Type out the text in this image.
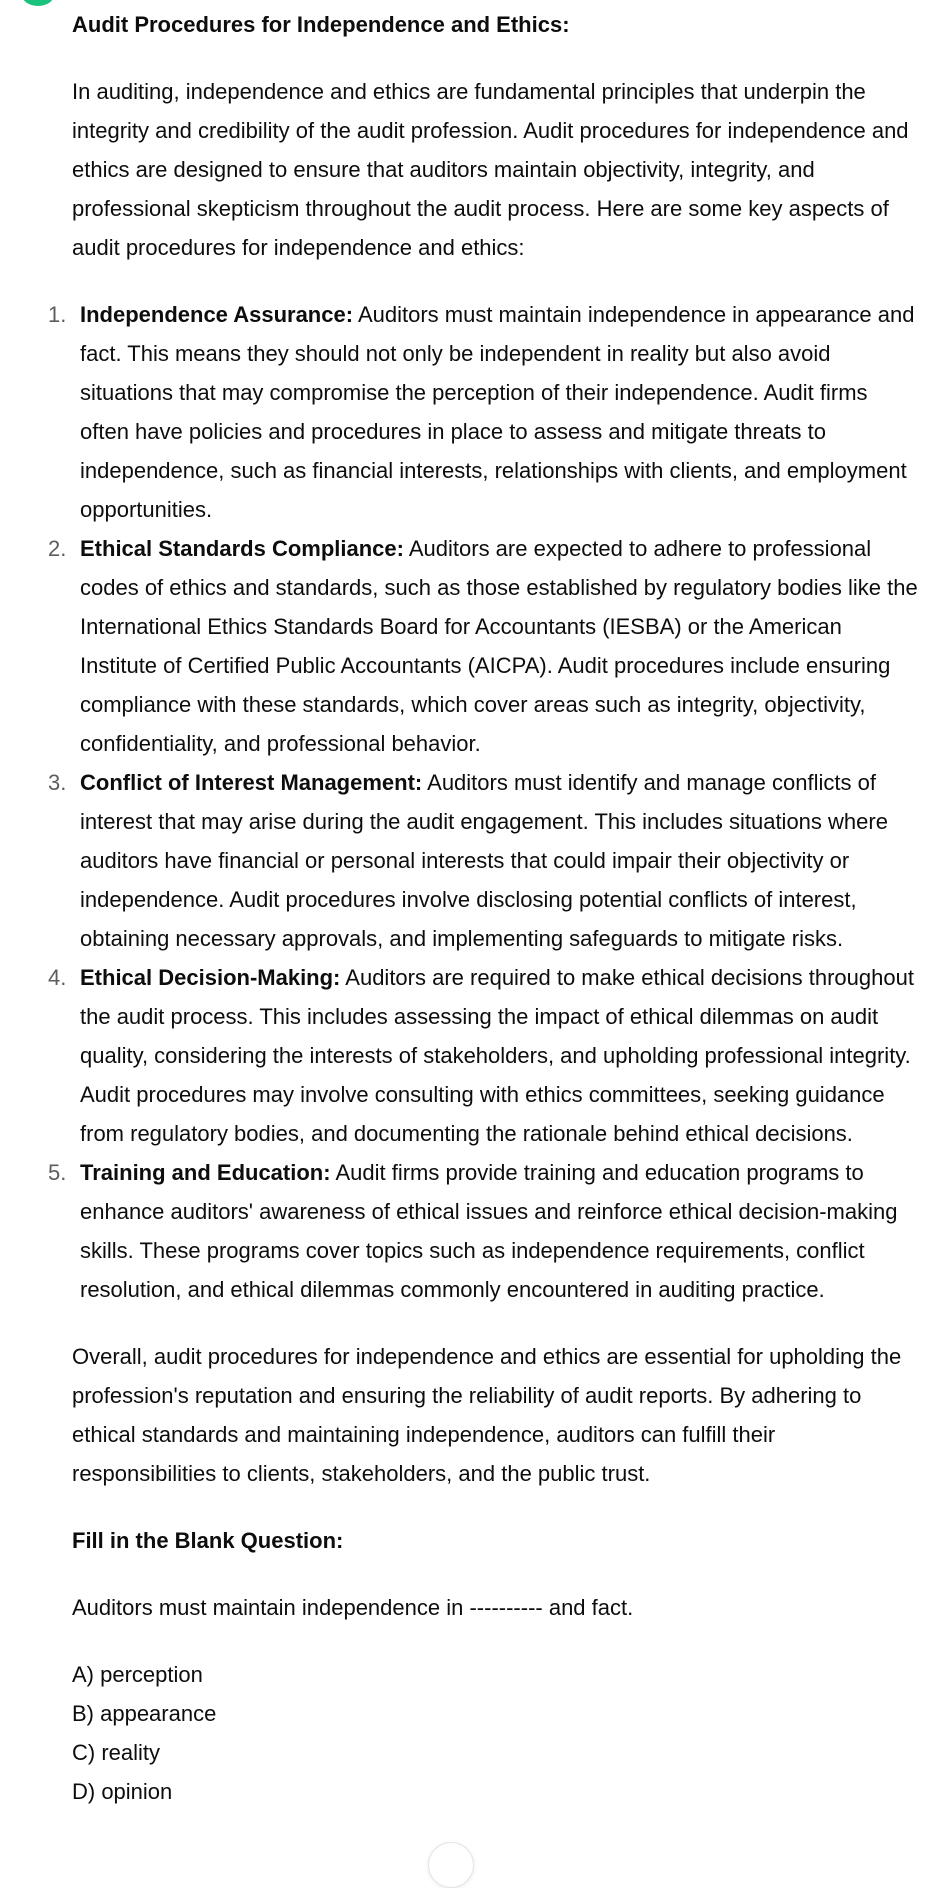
Audit Procedures for Independence and Ethics:

In auditing, independence and ethics are fundamental principles that underpin the integrity and credibility of the audit profession. Audit procedures for independence and ethics are designed to ensure that auditors maintain objectivity, integrity, and professional skepticism throughout the audit process. Here are some key aspects of audit procedures for independence and ethics:

1. Independence Assurance: Auditors must maintain independence in appearance and fact. This means they should not only be independent in reality but also avoid situations that may compromise the perception of their independence. Audit firms often have policies and procedures in place to assess and mitigate threats to independence, such as financial interests, relationships with clients, and employment opportunities.
2. Ethical Standards Compliance: Auditors are expected to adhere to professional codes of ethics and standards, such as those established by regulatory bodies like the International Ethics Standards Board for Accountants (IESBA) or the American Institute of Certified Public Accountants (AICPA). Audit procedures include ensuring compliance with these standards, which cover areas such as integrity, objectivity, confidentiality, and professional behavior.
3. Conflict of Interest Management: Auditors must identify and manage conflicts of interest that may arise during the audit engagement. This includes situations where auditors have financial or personal interests that could impair their objectivity or independence. Audit procedures involve disclosing potential conflicts of interest, obtaining necessary approvals, and implementing safeguards to mitigate risks.
4. Ethical Decision-Making: Auditors are required to make ethical decisions throughout the audit process. This includes assessing the impact of ethical dilemmas on audit quality, considering the interests of stakeholders, and upholding professional integrity. Audit procedures may involve consulting with ethics committees, seeking guidance from regulatory bodies, and documenting the rationale behind ethical decisions.
5. Training and Education: Audit firms provide training and education programs to enhance auditors' awareness of ethical issues and reinforce ethical decision-making skills. These programs cover topics such as independence requirements, conflict resolution, and ethical dilemmas commonly encountered in auditing practice.

Overall, audit procedures for independence and ethics are essential for upholding the profession's reputation and ensuring the reliability of audit reports. By adhering to ethical standards and maintaining independence, auditors can fulfill their responsibilities to clients, stakeholders, and the public trust.

Fill in the Blank Question:

Auditors must maintain independence in ---------- and fact.

A) perception
B) appearance
C) reality
D) opinion
